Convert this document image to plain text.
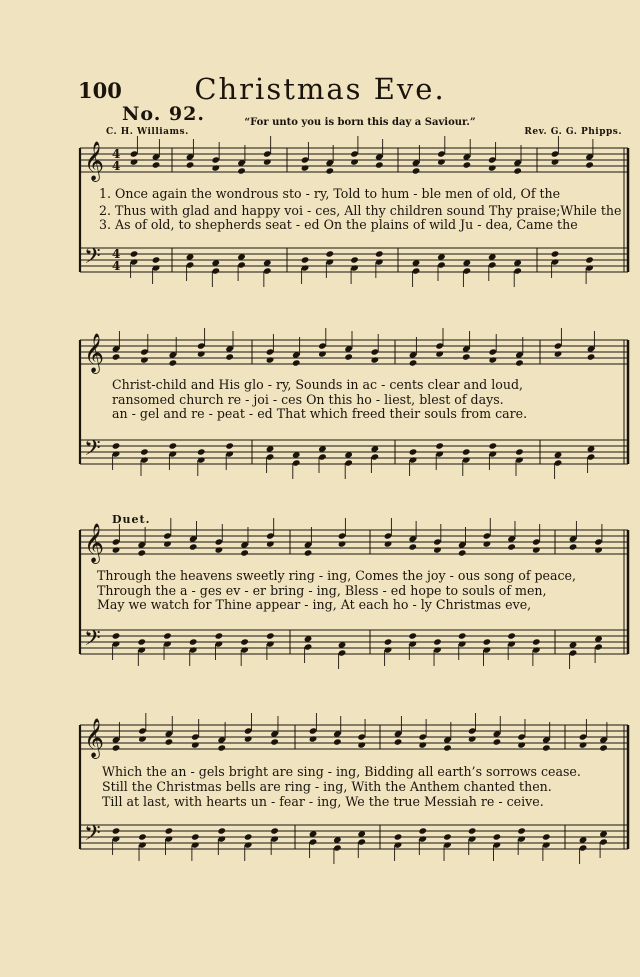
𝄞
𝄢
4
4
4
4
𝄞
𝄢
𝄞
𝄢
𝄞
𝄢
100	Christmas Eve.
No. 92.	“For unto you is born this day a Saviour.”
C. H. Williams.	Rev. G. G. Phipps.
Duet.
1. Once again the wondrous sto - ry, Told to hum - ble men of old, Of the
2. Thus with glad and happy voi - ces, All thy children sound Thy praise;While the
3. As of old, to shepherds seat - ed On the plains of wild Ju - dea, Came the
Christ-child and His glo - ry, Sounds in ac - cents clear and loud,
ransomed church re - joi - ces On this ho - liest, blest of days.
an - gel and re - peat - ed That which freed their souls from care.
Through the heavens sweetly ring - ing, Comes the joy - ous song of peace,
Through the a - ges ev - er bring - ing, Bless - ed hope to souls of men,
May we watch for Thine appear - ing, At each ho - ly Christmas eve,
Which the an - gels bright are sing - ing, Bidding all earth’s sorrows cease.
Still the Christmas bells are ring - ing, With the Anthem chanted then.
Till at last, with hearts un - fear - ing, We the true Messiah re - ceive.
